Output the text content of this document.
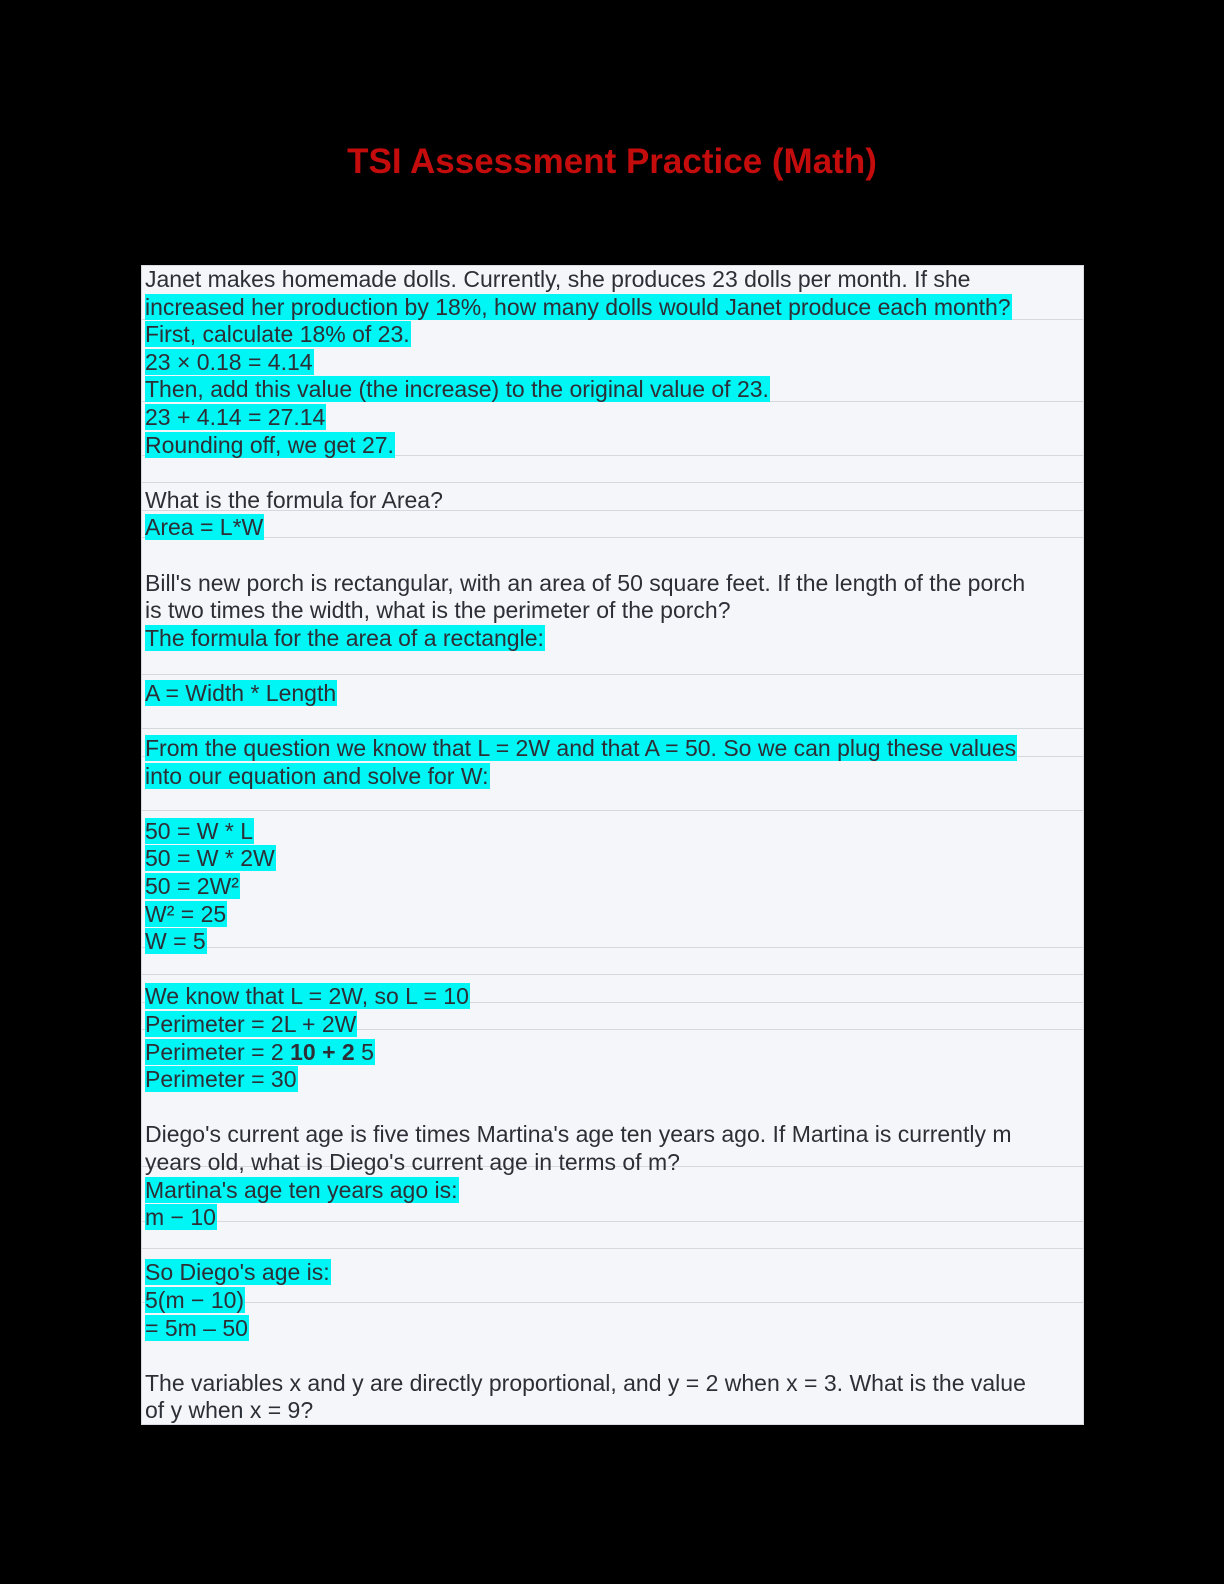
TSI Assessment Practice (Math)
Janet makes homemade dolls. Currently, she produces 23 dolls per month. If she
increased her production by 18%, how many dolls would Janet produce each month?
First, calculate 18% of 23.
23 × 0.18 = 4.14
Then, add this value (the increase) to the original value of 23.
23 + 4.14 = 27.14
Rounding off, we get 27.
What is the formula for Area?
Area = L*W
Bill's new porch is rectangular, with an area of 50 square feet. If the length of the porch
is two times the width, what is the perimeter of the porch?
The formula for the area of a rectangle:
A = Width * Length
From the question we know that L = 2W and that A = 50. So we can plug these values
into our equation and solve for W:
50 = W * L
50 = W * 2W
50 = 2W²
W² = 25
W = 5
We know that L = 2W, so L = 10
Perimeter = 2L + 2W
Perimeter = 2 10 + 2 5
Perimeter = 30
Diego's current age is five times Martina's age ten years ago. If Martina is currently m
years old, what is Diego's current age in terms of m?
Martina's age ten years ago is:
m − 10
So Diego's age is:
5(m − 10)
= 5m – 50
The variables x and y are directly proportional, and y = 2 when x = 3. What is the value
of y when x = 9?
